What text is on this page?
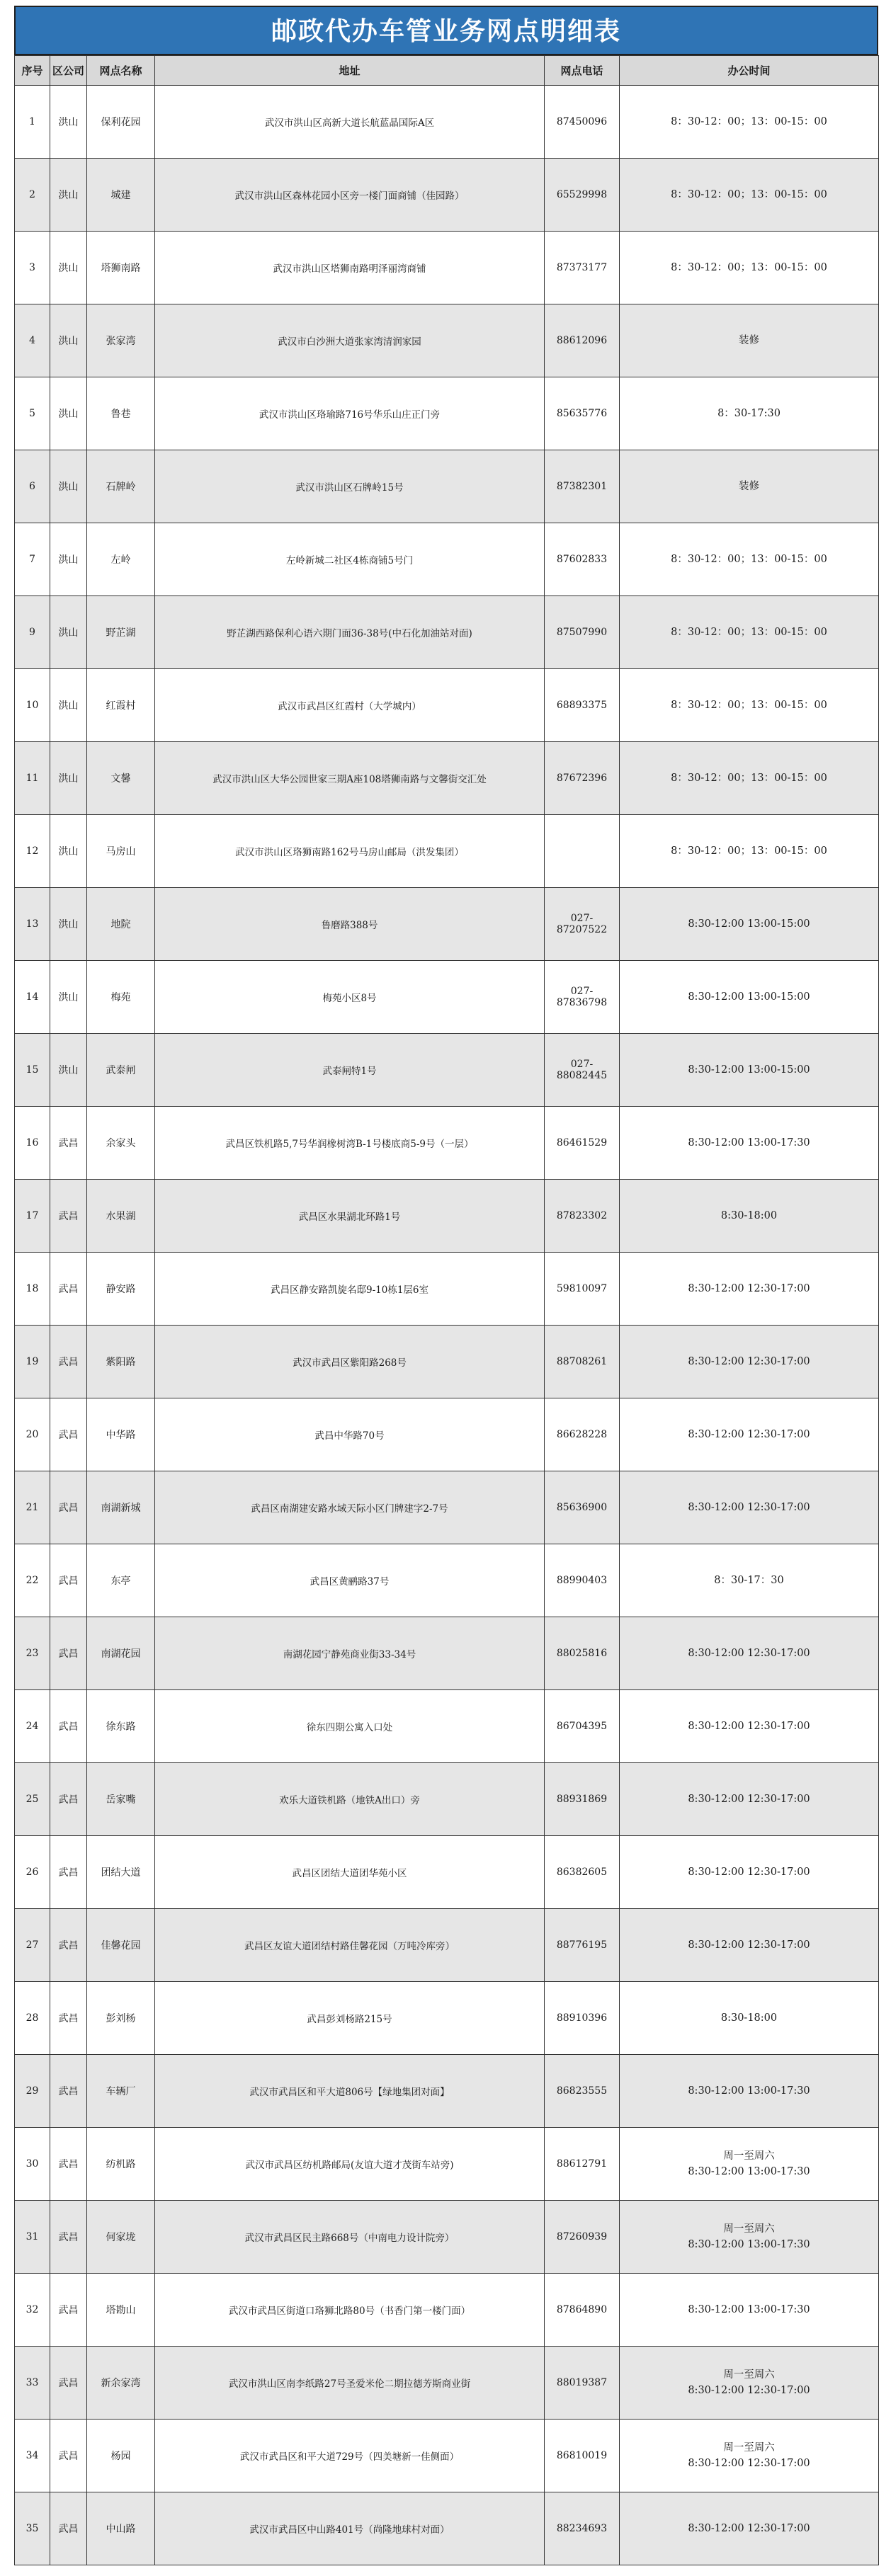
邮政代办车管业务网点明细表
序号	区公司	网点名称	地址	网点电话	办公时间
1	洪山	保利花园	武汉市洪山区高新大道长航蓝晶国际A区	87450096	8：30-12：00；13：00-15：00
2	洪山	城建	武汉市洪山区森林花园小区旁一楼门面商铺（佳园路）	65529998	8：30-12：00；13：00-15：00
3	洪山	塔狮南路	武汉市洪山区塔狮南路明泽丽湾商铺	87373177	8：30-12：00；13：00-15：00
4	洪山	张家湾	武汉市白沙洲大道张家湾清润家园	88612096	装修
5	洪山	鲁巷	武汉市洪山区珞瑜路716号华乐山庄正门旁	85635776	8：30-17:30
6	洪山	石牌岭	武汉市洪山区石牌岭15号	87382301	装修
7	洪山	左岭	左岭新城二社区4栋商铺5号门	87602833	8：30-12：00；13：00-15：00
9	洪山	野芷湖	野芷湖西路保利心语六期门面36-38号(中石化加油站对面)	87507990	8：30-12：00；13：00-15：00
10	洪山	红霞村	武汉市武昌区红霞村（大学城内）	68893375	8：30-12：00；13：00-15：00
11	洪山	文馨	武汉市洪山区大华公园世家三期A座108塔狮南路与文馨街交汇处	87672396	8：30-12：00；13：00-15：00
12	洪山	马房山	武汉市洪山区珞狮南路162号马房山邮局（洪发集团）		8：30-12：00；13：00-15：00
13	洪山	地院	鲁磨路388号	027-87207522	8:30-12:00 13:00-15:00
14	洪山	梅苑	梅苑小区8号	027-87836798	8:30-12:00 13:00-15:00
15	洪山	武泰闸	武泰闸特1号	027-88082445	8:30-12:00 13:00-15:00
16	武昌	余家头	武昌区铁机路5,7号华润橡树湾B-1号楼底商5-9号（一层）	86461529	8:30-12:00 13:00-17:30
17	武昌	水果湖	武昌区水果湖北环路1号	87823302	8:30-18:00
18	武昌	静安路	武昌区静安路凯旋名邸9-10栋1层6室	59810097	8:30-12:00 12:30-17:00
19	武昌	紫阳路	武汉市武昌区紫阳路268号	88708261	8:30-12:00 12:30-17:00
20	武昌	中华路	武昌中华路70号	86628228	8:30-12:00 12:30-17:00
21	武昌	南湖新城	武昌区南湖建安路水域天际小区门牌建字2-7号	85636900	8:30-12:00 12:30-17:00
22	武昌	东亭	武昌区黄鹂路37号	88990403	8：30-17：30
23	武昌	南湖花园	南湖花园宁静苑商业街33-34号	88025816	8:30-12:00 12:30-17:00
24	武昌	徐东路	徐东四期公寓入口处	86704395	8:30-12:00 12:30-17:00
25	武昌	岳家嘴	欢乐大道铁机路（地铁A出口）旁	88931869	8:30-12:00 12:30-17:00
26	武昌	团结大道	武昌区团结大道团华苑小区	86382605	8:30-12:00 12:30-17:00
27	武昌	佳馨花园	武昌区友谊大道团结村路佳馨花园（万吨冷库旁）	88776195	8:30-12:00 12:30-17:00
28	武昌	彭刘杨	武昌彭刘杨路215号	88910396	8:30-18:00
29	武昌	车辆厂	武汉市武昌区和平大道806号【绿地集团对面】	86823555	8:30-12:00 13:00-17:30
30	武昌	纺机路	武汉市武昌区纺机路邮局(友谊大道才茂街车站旁)	88612791	周一至周六
8:30-12:00 13:00-17:30
31	武昌	何家垅	武汉市武昌区民主路668号（中南电力设计院旁）	87260939	周一至周六
8:30-12:00 13:00-17:30
32	武昌	塔勘山	武汉市武昌区街道口珞狮北路80号（书香门第一楼门面）	87864890	8:30-12:00 13:00-17:30
33	武昌	新余家湾	武汉市洪山区南李纸路27号圣爱米伦二期拉德芳斯商业街	88019387	周一至周六
8:30-12:00 12:30-17:00
34	武昌	杨园	武汉市武昌区和平大道729号（四美塘新一佳侧面）	86810019	周一至周六
8:30-12:00 12:30-17:00
35	武昌	中山路	武汉市武昌区中山路401号（尚隆地球村对面）	88234693	8:30-12:00 12:30-17:00
